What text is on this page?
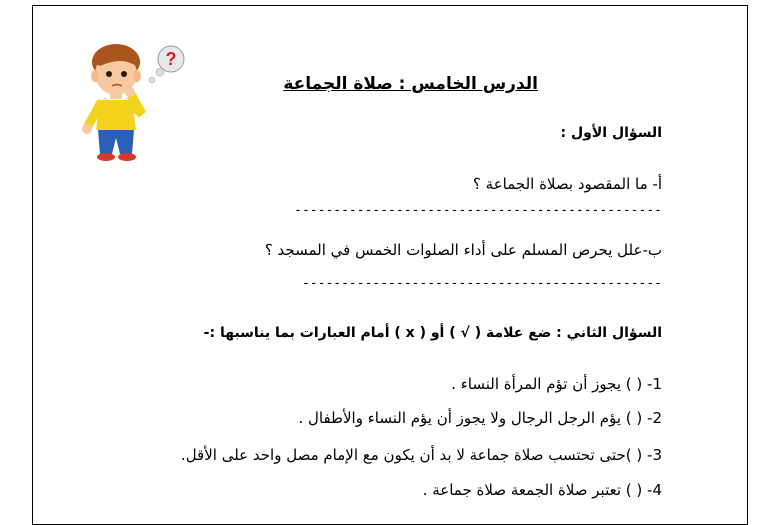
?
الدرس الخامس : صلاة الجماعة
السؤال الأول :
أ- ما المقصود بصلاة الجماعة ؟
-----------------------------------------------
ب-علل يحرص المسلم على أداء الصلوات الخمس في المسجد ؟
----------------------------------------------
السؤال الثاني : ضع علامة ( √ ) أو ( x ) أمام العبارات بما يناسبها :-
1- ( ) يجوز أن تؤم المرأة النساء .
2- ( ) يؤم الرجل الرجال ولا يجوز أن يؤم النساء والأطفال .
3- ( )حتى تحتسب صلاة جماعة لا بد أن يكون مع الإمام مصل واحد على الأقل.
4- ( ) تعتبر صلاة الجمعة صلاة جماعة .
